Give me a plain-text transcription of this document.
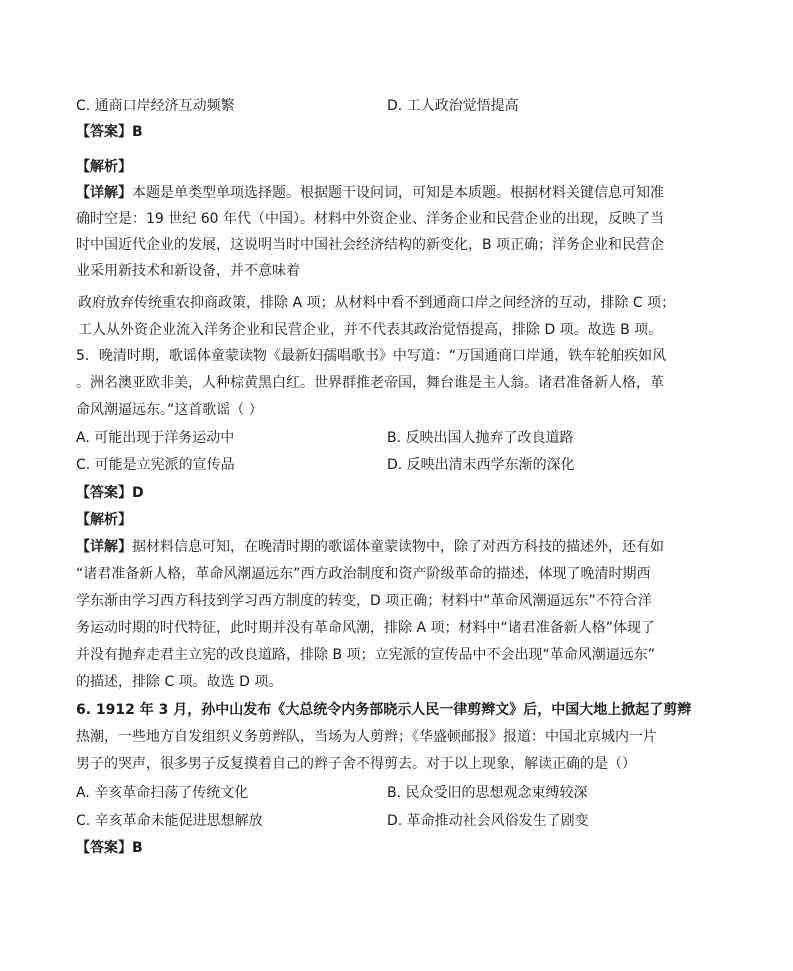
C. 通商口岸经济互动频繁	D. 工人政治觉悟提高
【答案】B
【解析】
【详解】本题是单类型单项选择题。根据题干设问词，可知是本质题。根据材料关键信息可知准
确时空是：19 世纪 60 年代（中国）。材料中外资企业、洋务企业和民营企业的出现，反映了当
时中国近代企业的发展，这说明当时中国社会经济结构的新变化，B 项正确；洋务企业和民营企
业采用新技术和新设备，并不意味着
政府放弃传统重农抑商政策，排除 A 项；从材料中看不到通商口岸之间经济的互动，排除 C 项；
工人从外资企业流入洋务企业和民营企业，并不代表其政治觉悟提高，排除 D 项。故选 B 项。
5．晚清时期，歌谣体童蒙读物《最新妇孺唱歌书》中写道：“万国通商口岸通，铁车轮舶疾如风
。洲名澳亚欧非美，人种棕黄黑白红。世界群推老帝国，舞台谁是主人翁。诸君准备新人格，革
命风潮逼远东。”这首歌谣（ ）
A. 可能出现于洋务运动中	B. 反映出国人抛弃了改良道路
C. 可能是立宪派的宣传品	D. 反映出清末西学东渐的深化
【答案】D
【解析】
【详解】据材料信息可知，在晚清时期的歌谣体童蒙读物中，除了对西方科技的描述外，还有如
“诸君准备新人格，革命风潮逼远东”西方政治制度和资产阶级革命的描述，体现了晚清时期西
学东渐由学习西方科技到学习西方制度的转变，D 项正确；材料中“革命风潮逼远东”不符合洋
务运动时期的时代特征，此时期并没有革命风潮，排除 A 项；材料中“诸君准备新人格”体现了
并没有抛弃走君主立宪的改良道路，排除 B 项；立宪派的宣传品中不会出现“革命风潮逼远东”
的描述，排除 C 项。故选 D 项。
6. 1912 年 3 月，孙中山发布《大总统令内务部晓示人民一律剪辫文》后，中国大地上掀起了剪辫
热潮，一些地方自发组织义务剪辫队，当场为人剪辫；《华盛顿邮报》报道：中国北京城内一片
男子的哭声，很多男子反复摸着自己的辫子舍不得剪去。对于以上现象，解读正确的是（）
A. 辛亥革命扫荡了传统文化	B. 民众受旧的思想观念束缚较深
C. 辛亥革命未能促进思想解放	D. 革命推动社会风俗发生了剧变
【答案】B
